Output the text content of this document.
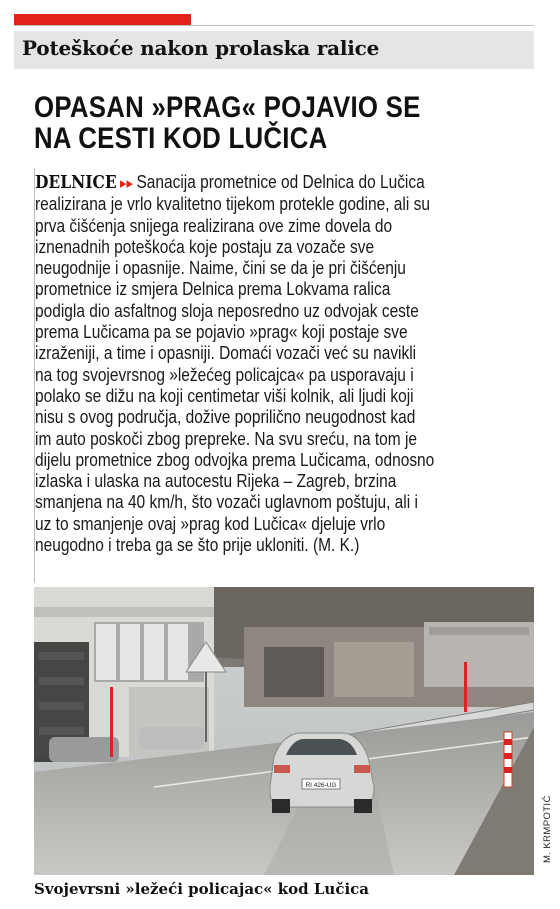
Poteškoće nakon prolaska ralice
OPASAN »PRAG« POJAVIO SE
NA CESTI KOD LUČICA
DELNICE ▸▸ Sanacija prometnice od Delnica do Lučica
realizirana je vrlo kvalitetno tijekom protekle godine, ali su
prva čišćenja snijega realizirana ove zime dovela do
iznenadnih poteškoća koje postaju za vozače sve
neugodnije i opasnije. Naime, čini se da je pri čišćenju
prometnice iz smjera Delnica prema Lokvama ralica
podigla dio asfaltnog sloja neposredno uz odvojak ceste
prema Lučicama pa se pojavio »prag« koji postaje sve
izraženiji, a time i opasniji. Domaći vozači već su navikli
na tog svojevrsnog »ležećeg policajca« pa usporavaju i
polako se dižu na koji centimetar viši kolnik, ali ljudi koji
nisu s ovog područja, dožive poprilično neugodnost kad
im auto poskoči zbog prepreke. Na svu sreću, na tom je
dijelu prometnice zbog odvojka prema Lučicama, odnosno
izlaska i ulaska na autocestu Rijeka – Zagreb, brzina
smanjena na 40 km/h, što vozači uglavnom poštuju, ali i
uz to smanjenje ovaj »prag kod Lučica« djeluje vrlo
neugodno i treba ga se što prije ukloniti. (M. K.)
RI 426-UG
M. KRMPOTIĆ
Svojevrsni »ležeći policajac« kod Lučica
